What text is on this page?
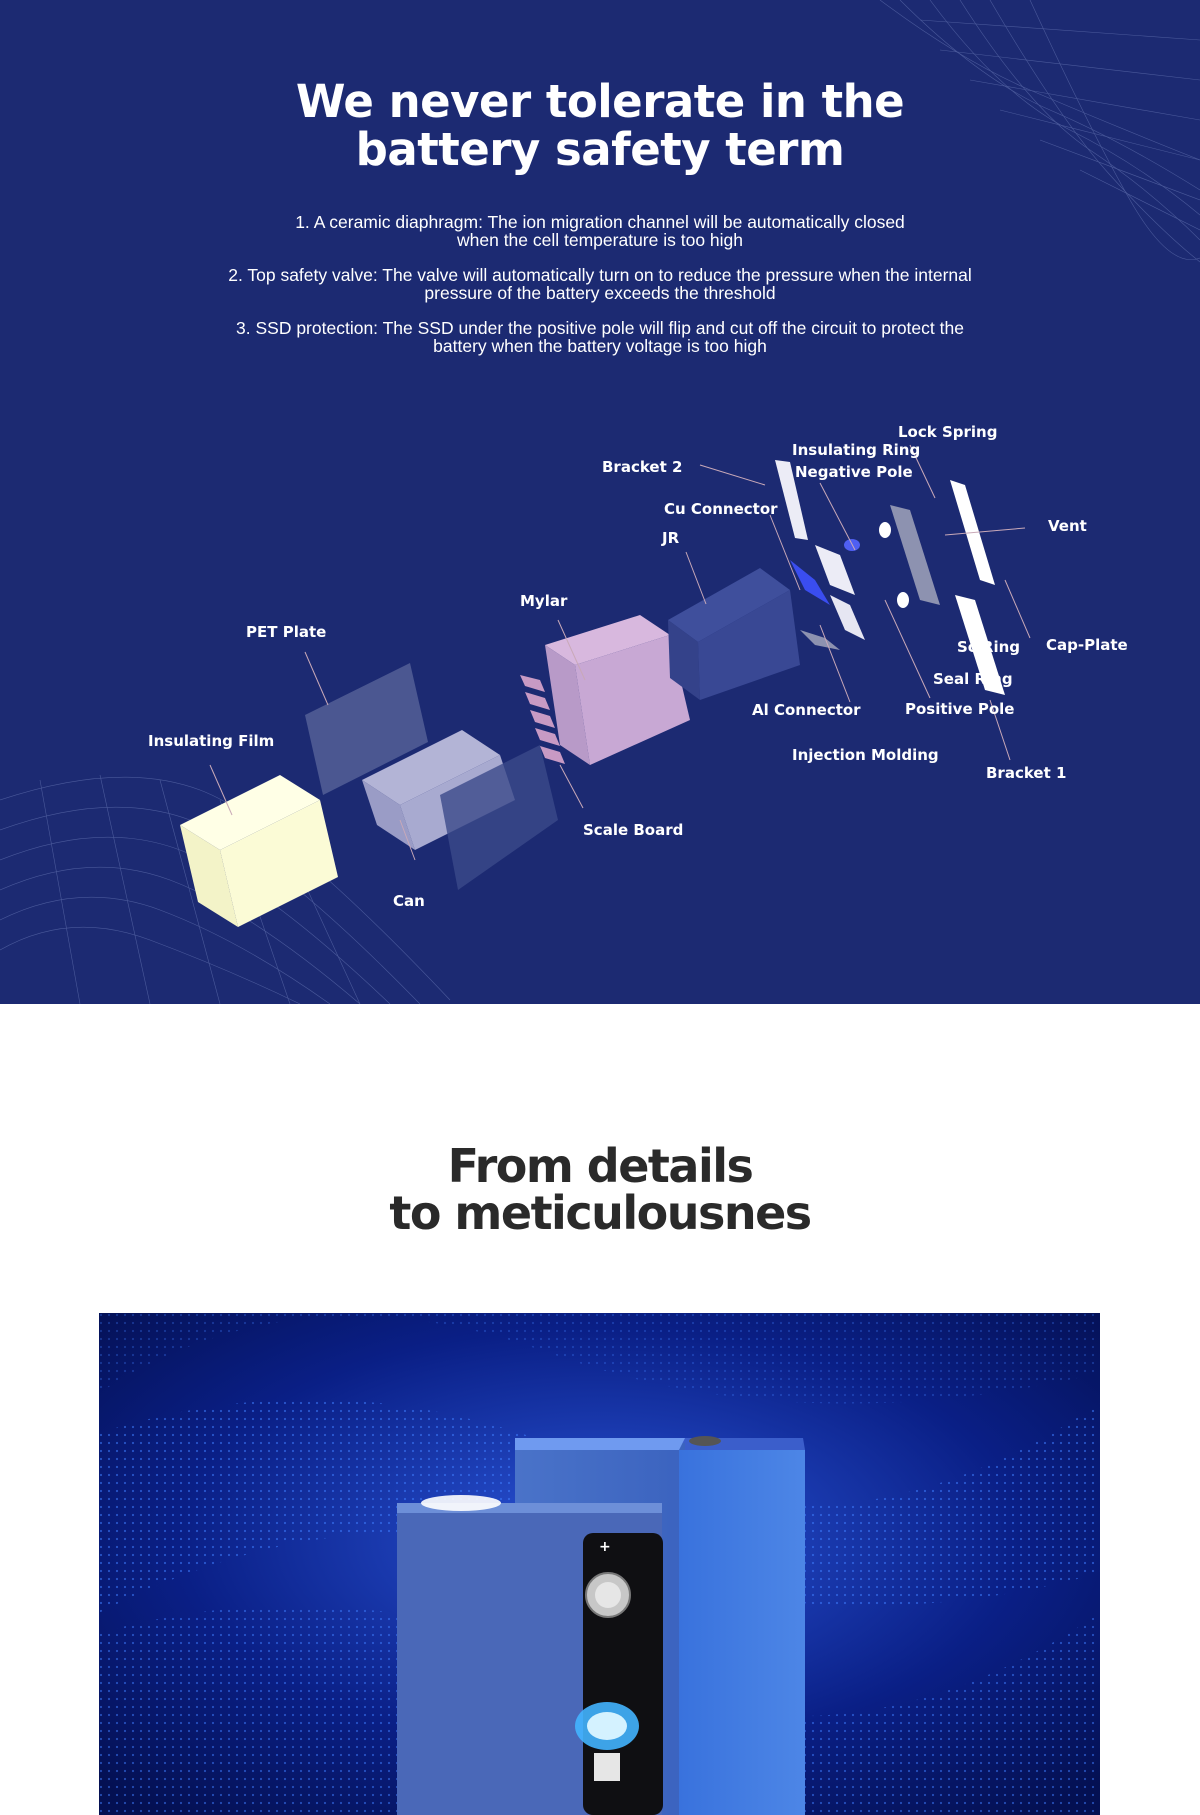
We never tolerate in the
battery safety term

1. A ceramic diaphragm: The ion migration channel will be automatically closed
when the cell temperature is too high

2. Top safety valve: The valve will automatically turn on to reduce the pressure when the internal
pressure of the battery exceeds the threshold

3. SSD protection: The SSD under the positive pole will flip and cut off the circuit to protect the
battery when the battery voltage is too high

Lock Spring
Insulating Ring
Negative Pole
Bracket 2
Vent
Cu Connector
JR
Mylar
PET Plate
Sc Ring Cap-Plate
Seal Ring
Al Connector	Positive Pole
Insulating Film
Injection Molding
Bracket 1
Scale Board
Can
From details
to meticulousnes
+
